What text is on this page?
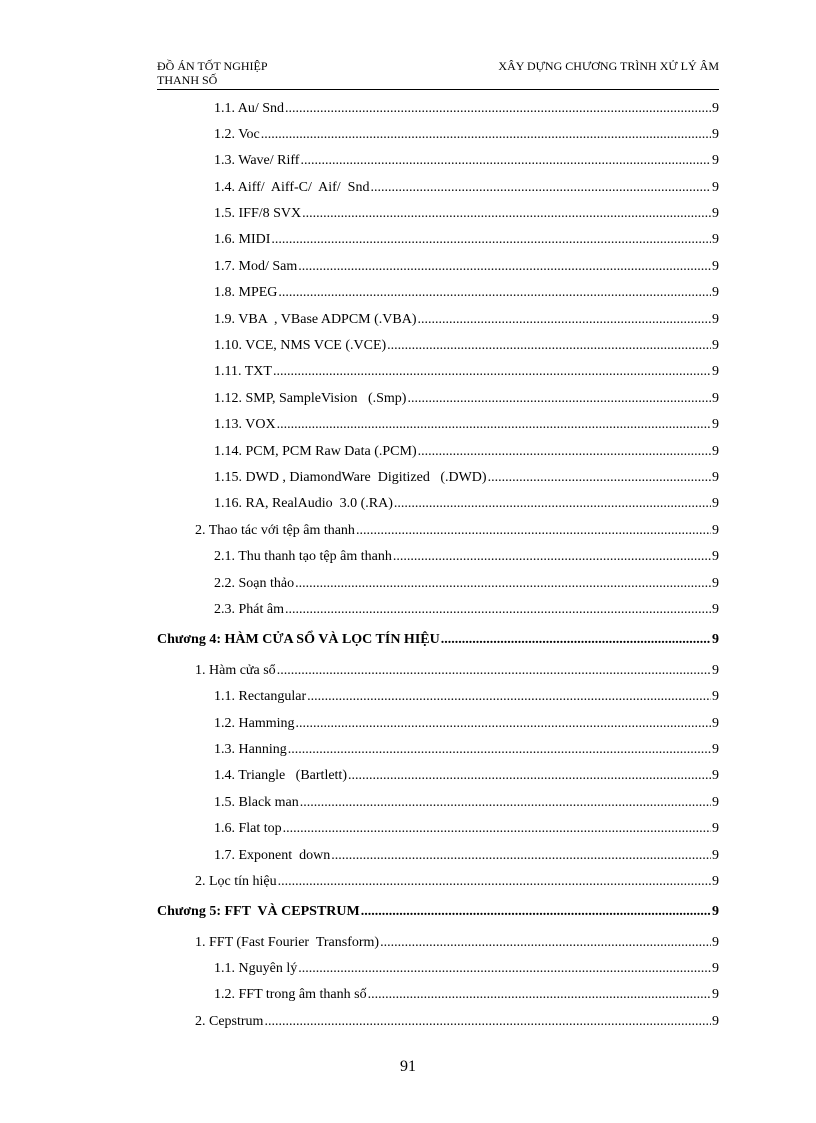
ĐỒ ÁN TỐT NGHIỆP
THANH SỐ
XÂY DỰNG CHƯƠNG TRÌNH XỬ LÝ ÂM
1.1. Au/ Snd .....	9
1.2. Voc .....	9
1.3. Wave/ Riff .....	9
1.4. Aiff/  Aiff-C/  Aif/  Snd .....	9
1.5. IFF/8 SVX .....	9
1.6. MIDI .....	9
1.7. Mod/ Sam .....	9
1.8. MPEG .....	9
1.9. VBA  , VBase ADPCM (.VBA) .....	9
1.10. VCE, NMS VCE (.VCE) .....	9
1.11. TXT .....	9
1.12. SMP, SampleVision   (.Smp) .....	9
1.13. VOX .....	9
1.14. PCM, PCM Raw Data (.PCM) .....	9
1.15. DWD , DiamondWare  Digitized   (.DWD) .....	9
1.16. RA, RealAudio  3.0 (.RA) .....	9
2. Thao tác với tệp âm thanh .....	9
2.1. Thu thanh tạo tệp âm thanh .....	9
2.2. Soạn thảo .....	9
2.3. Phát âm .....	9
Chương 4: HÀM CỬA SỔ VÀ LỌC TÍN HIỆU .....	9
1. Hàm cửa sổ .....	9
1.1. Rectangular .....	9
1.2. Hamming .....	9
1.3. Hanning .....	9
1.4. Triangle   (Bartlett) .....	9
1.5. Black man .....	9
1.6. Flat top .....	9
1.7. Exponent  down .....	9
2. Lọc tín hiệu .....	9
Chương 5: FFT  VÀ CEPSTRUM .....	9
1. FFT (Fast Fourier  Transform) .....	9
1.1. Nguyên lý .....	9
1.2. FFT trong âm thanh số .....	9
2. Cepstrum .....	9
91
